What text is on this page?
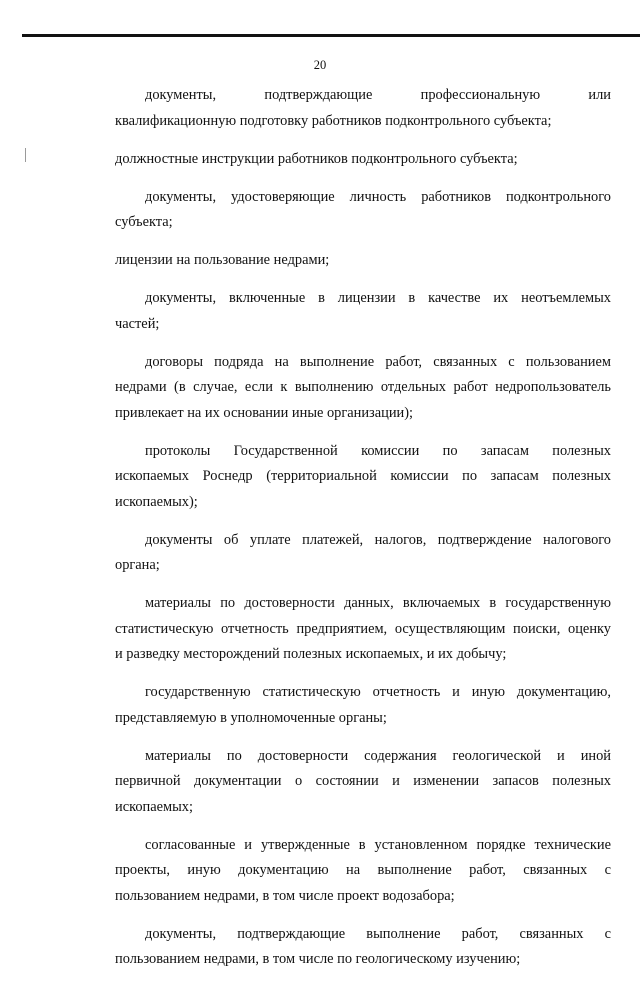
20

документы, подтверждающие профессиональную или
квалификационную подготовку работников подконтрольного субъекта;

должностные инструкции работников подконтрольного субъекта;

документы, удостоверяющие личность работников подконтрольного
субъекта;

лицензии на пользование недрами;

документы, включенные в лицензии в качестве их неотъемлемых
частей;

договоры подряда на выполнение работ, связанных с пользованием
недрами (в случае, если к выполнению отдельных работ недропользователь
привлекает на их основании иные организации);

протоколы Государственной комиссии по запасам полезных
ископаемых Роснедр (территориальной комиссии по запасам полезных
ископаемых);

документы об уплате платежей, налогов, подтверждение налогового
органа;

материалы по достоверности данных, включаемых в государственную
статистическую отчетность предприятием, осуществляющим поиски, оценку
и разведку месторождений полезных ископаемых, и их добычу;

государственную статистическую отчетность и иную документацию,
представляемую в уполномоченные органы;

материалы по достоверности содержания геологической и иной
первичной документации о состоянии и изменении запасов полезных
ископаемых;

согласованные и утвержденные в установленном порядке технические
проекты, иную документацию на выполнение работ, связанных с
пользованием недрами, в том числе проект водозабора;

документы, подтверждающие выполнение работ, связанных с
пользованием недрами, в том числе по геологическому изучению;
